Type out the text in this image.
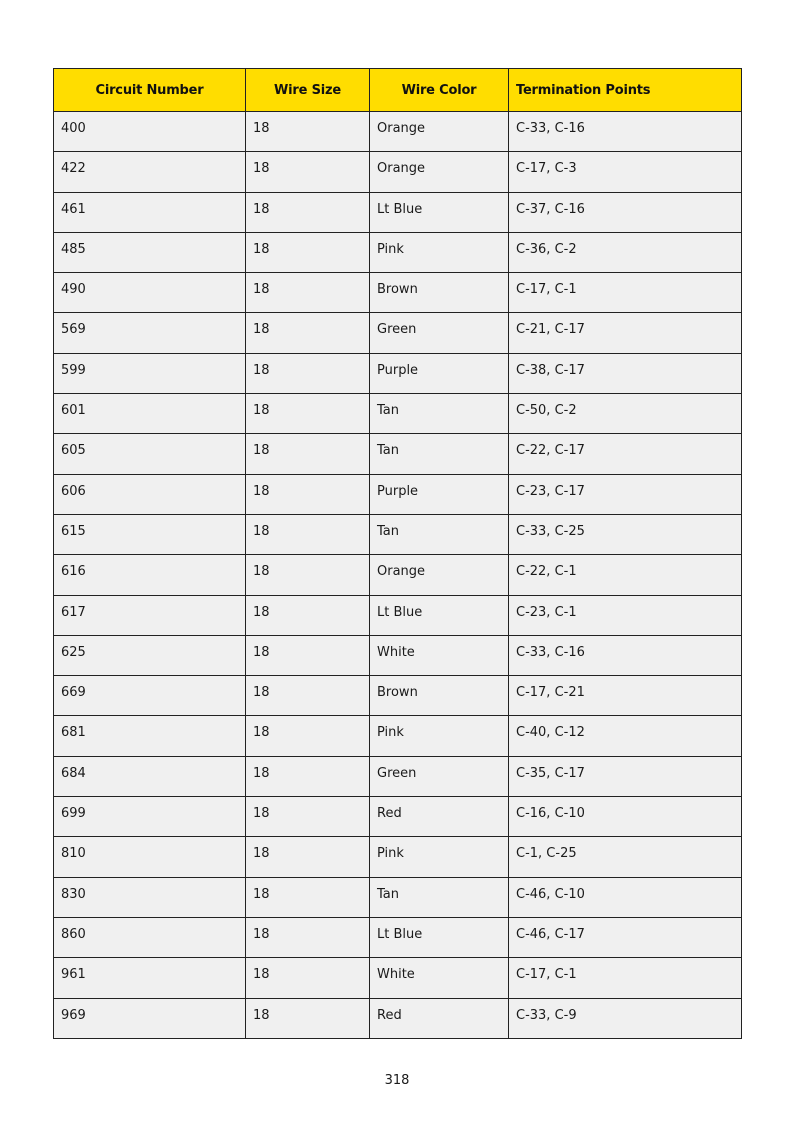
Circuit Number	Wire Size	Wire Color	Termination Points
400	18	Orange	C-33, C-16
422	18	Orange	C-17, C-3
461	18	Lt Blue	C-37, C-16
485	18	Pink	C-36, C-2
490	18	Brown	C-17, C-1
569	18	Green	C-21, C-17
599	18	Purple	C-38, C-17
601	18	Tan	C-50, C-2
605	18	Tan	C-22, C-17
606	18	Purple	C-23, C-17
615	18	Tan	C-33, C-25
616	18	Orange	C-22, C-1
617	18	Lt Blue	C-23, C-1
625	18	White	C-33, C-16
669	18	Brown	C-17, C-21
681	18	Pink	C-40, C-12
684	18	Green	C-35, C-17
699	18	Red	C-16, C-10
810	18	Pink	C-1, C-25
830	18	Tan	C-46, C-10
860	18	Lt Blue	C-46, C-17
961	18	White	C-17, C-1
969	18	Red	C-33, C-9
318
